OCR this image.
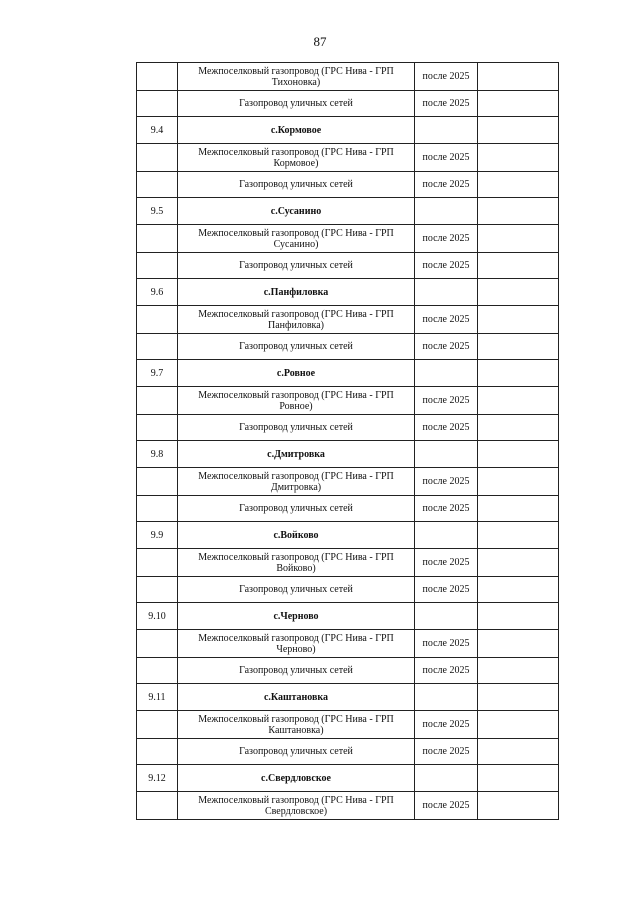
87
	Межпоселковый газопровод (ГРС Нива - ГРП Тихоновка)	после 2025	
	Газопровод уличных сетей	после 2025	
9.4	с.Кормовое		
	Межпоселковый газопровод (ГРС Нива - ГРП Кормовое)	после 2025	
	Газопровод уличных сетей	после 2025	
9.5	с.Сусанино		
	Межпоселковый газопровод (ГРС Нива - ГРП Сусанино)	после 2025	
	Газопровод уличных сетей	после 2025	
9.6	с.Панфиловка		
	Межпоселковый газопровод (ГРС Нива - ГРП Панфиловка)	после 2025	
	Газопровод уличных сетей	после 2025	
9.7	с.Ровное		
	Межпоселковый газопровод (ГРС Нива - ГРП Ровное)	после 2025	
	Газопровод уличных сетей	после 2025	
9.8	с.Дмитровка		
	Межпоселковый газопровод (ГРС Нива - ГРП Дмитровка)	после 2025	
	Газопровод уличных сетей	после 2025	
9.9	с.Войково		
	Межпоселковый газопровод (ГРС Нива - ГРП Войково)	после 2025	
	Газопровод уличных сетей	после 2025	
9.10	с.Черново		
	Межпоселковый газопровод (ГРС Нива - ГРП Черново)	после 2025	
	Газопровод уличных сетей	после 2025	
9.11	с.Каштановка		
	Межпоселковый газопровод (ГРС Нива - ГРП Каштановка)	после 2025	
	Газопровод уличных сетей	после 2025	
9.12	с.Свердловское		
	Межпоселковый газопровод (ГРС Нива - ГРП Свердловское)	после 2025	
